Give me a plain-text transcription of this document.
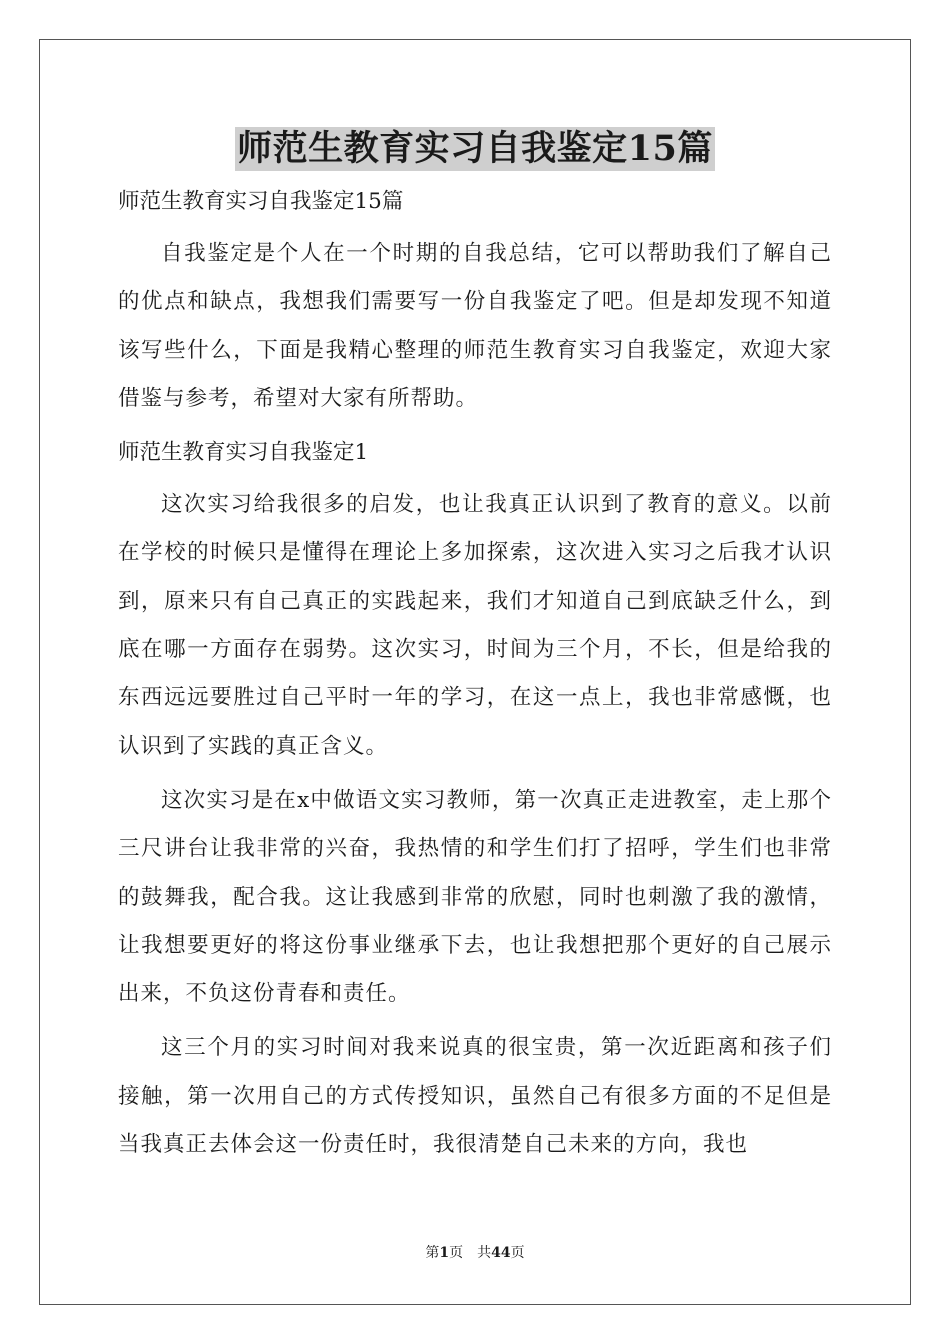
师范生教育实习自我鉴定15篇
师范生教育实习自我鉴定15篇
自我鉴定是个人在一个时期的自我总结，它可以帮助我们了解自己的优点和缺点，我想我们需要写一份自我鉴定了吧。但是却发现不知道该写些什么，下面是我精心整理的师范生教育实习自我鉴定，欢迎大家借鉴与参考，希望对大家有所帮助。
师范生教育实习自我鉴定1
这次实习给我很多的启发，也让我真正认识到了教育的意义。以前在学校的时候只是懂得在理论上多加探索，这次进入实习之后我才认识到，原来只有自己真正的实践起来，我们才知道自己到底缺乏什么，到底在哪一方面存在弱势。这次实习，时间为三个月，不长，但是给我的东西远远要胜过自己平时一年的学习，在这一点上，我也非常感慨，也认识到了实践的真正含义。
这次实习是在x中做语文实习教师，第一次真正走进教室，走上那个三尺讲台让我非常的兴奋，我热情的和学生们打了招呼，学生们也非常的鼓舞我，配合我。这让我感到非常的欣慰，同时也刺激了我的激情，让我想要更好的将这份事业继承下去，也让我想把那个更好的自己展示出来，不负这份青春和责任。
这三个月的实习时间对我来说真的很宝贵，第一次近距离和孩子们接触，第一次用自己的方式传授知识，虽然自己有很多方面的不足但是当我真正去体会这一份责任时，我很清楚自己未来的方向，我也
第1页　共44页
